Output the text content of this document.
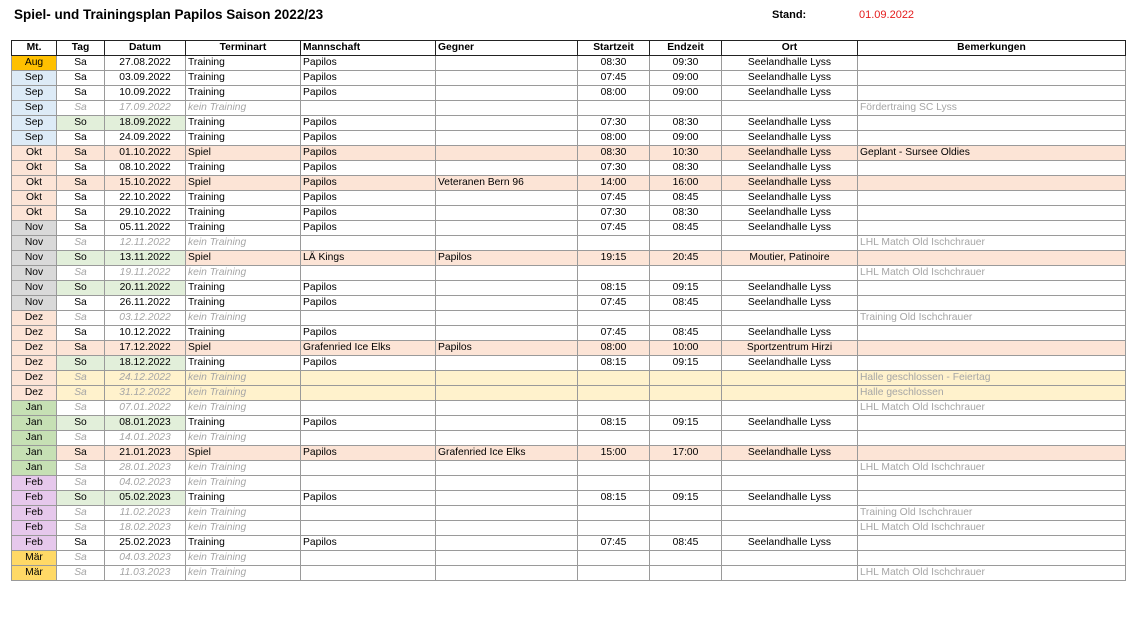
Spiel- und Trainingsplan Papilos Saison 2022/23	Stand:	01.09.2022
Mt.	Tag	Datum	Terminart	Mannschaft	Gegner	Startzeit	Endzeit	Ort	Bemerkungen
Aug	Sa	27.08.2022	Training	Papilos		08:30	09:30	Seelandhalle Lyss	
Sep	Sa	03.09.2022	Training	Papilos		07:45	09:00	Seelandhalle Lyss	
Sep	Sa	10.09.2022	Training	Papilos		08:00	09:00	Seelandhalle Lyss	
Sep	Sa	17.09.2022	kein Training						Fördertraing SC Lyss
Sep	So	18.09.2022	Training	Papilos		07:30	08:30	Seelandhalle Lyss	
Sep	Sa	24.09.2022	Training	Papilos		08:00	09:00	Seelandhalle Lyss	
Okt	Sa	01.10.2022	Spiel	Papilos		08:30	10:30	Seelandhalle Lyss	Geplant - Sursee Oldies
Okt	Sa	08.10.2022	Training	Papilos		07:30	08:30	Seelandhalle Lyss	
Okt	Sa	15.10.2022	Spiel	Papilos	Veteranen Bern 96	14:00	16:00	Seelandhalle Lyss	
Okt	Sa	22.10.2022	Training	Papilos		07:45	08:45	Seelandhalle Lyss	
Okt	Sa	29.10.2022	Training	Papilos		07:30	08:30	Seelandhalle Lyss	
Nov	Sa	05.11.2022	Training	Papilos		07:45	08:45	Seelandhalle Lyss	
Nov	Sa	12.11.2022	kein Training						LHL Match Old Ischchrauer
Nov	So	13.11.2022	Spiel	LÄ Kings	Papilos	19:15	20:45	Moutier, Patinoire	
Nov	Sa	19.11.2022	kein Training						LHL Match Old Ischchrauer
Nov	So	20.11.2022	Training	Papilos		08:15	09:15	Seelandhalle Lyss	
Nov	Sa	26.11.2022	Training	Papilos		07:45	08:45	Seelandhalle Lyss	
Dez	Sa	03.12.2022	kein Training						Training Old Ischchrauer
Dez	Sa	10.12.2022	Training	Papilos		07:45	08:45	Seelandhalle Lyss	
Dez	Sa	17.12.2022	Spiel	Grafenried Ice Elks	Papilos	08:00	10:00	Sportzentrum Hirzi	
Dez	So	18.12.2022	Training	Papilos		08:15	09:15	Seelandhalle Lyss	
Dez	Sa	24.12.2022	kein Training						Halle geschlossen - Feiertag
Dez	Sa	31.12.2022	kein Training						Halle geschlossen
Jan	Sa	07.01.2022	kein Training						LHL Match Old Ischchrauer
Jan	So	08.01.2023	Training	Papilos		08:15	09:15	Seelandhalle Lyss	
Jan	Sa	14.01.2023	kein Training						
Jan	Sa	21.01.2023	Spiel	Papilos	Grafenried Ice Elks	15:00	17:00	Seelandhalle Lyss	
Jan	Sa	28.01.2023	kein Training						LHL Match Old Ischchrauer
Feb	Sa	04.02.2023	kein Training						
Feb	So	05.02.2023	Training	Papilos		08:15	09:15	Seelandhalle Lyss	
Feb	Sa	11.02.2023	kein Training						Training Old Ischchrauer
Feb	Sa	18.02.2023	kein Training						LHL Match Old Ischchrauer
Feb	Sa	25.02.2023	Training	Papilos		07:45	08:45	Seelandhalle Lyss	
Mär	Sa	04.03.2023	kein Training						
Mär	Sa	11.03.2023	kein Training						LHL Match Old Ischchrauer
